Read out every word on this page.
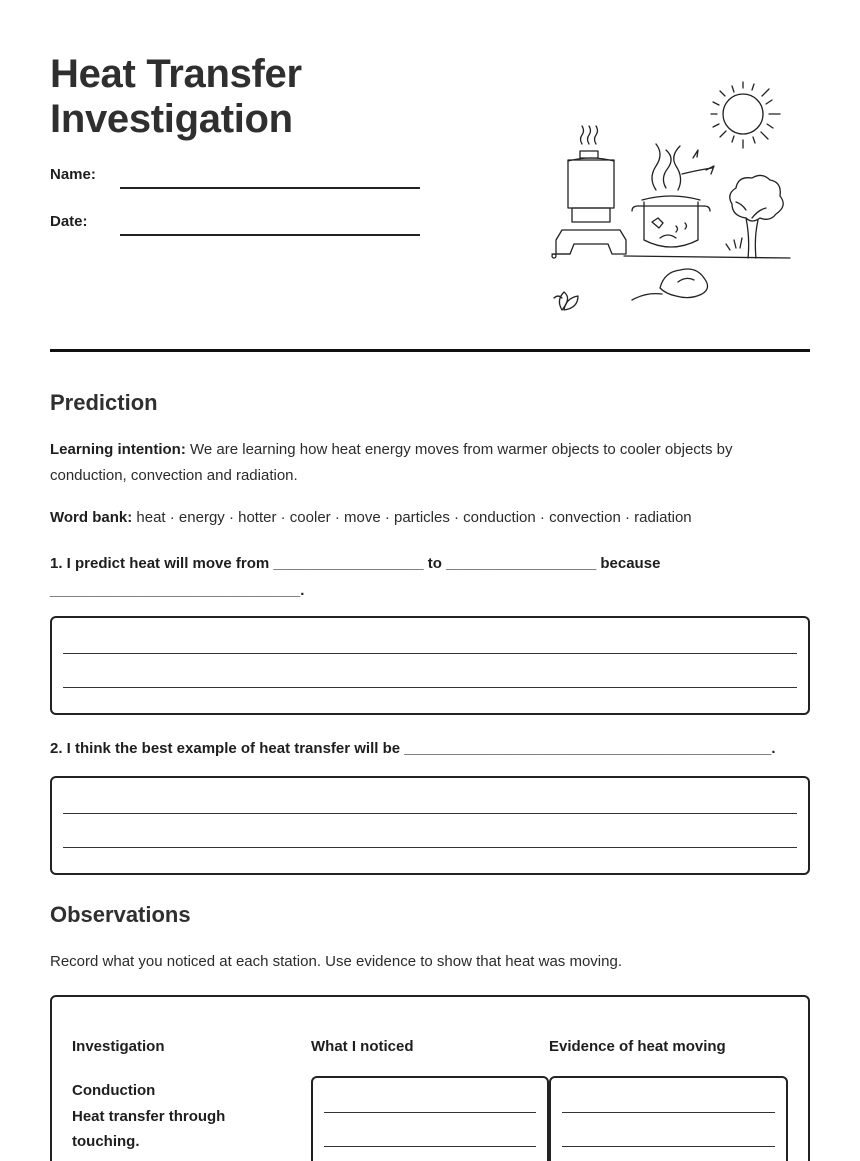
Heat Transfer
Investigation
Name:
Date:
Prediction
Learning intention: We are learning how heat energy moves from warmer objects to cooler objects by conduction, convection and radiation.
Word bank: heat · energy · hotter · cooler · move · particles · conduction · convection · radiation
1. I predict heat will move from __________________ to __________________ because ______________________________.
2. I think the best example of heat transfer will be ____________________________________________.
Observations
Record what you noticed at each station. Use evidence to show that heat was moving.
Investigation	What I noticed	Evidence of heat moving
Conduction
Heat transfer through touching.
